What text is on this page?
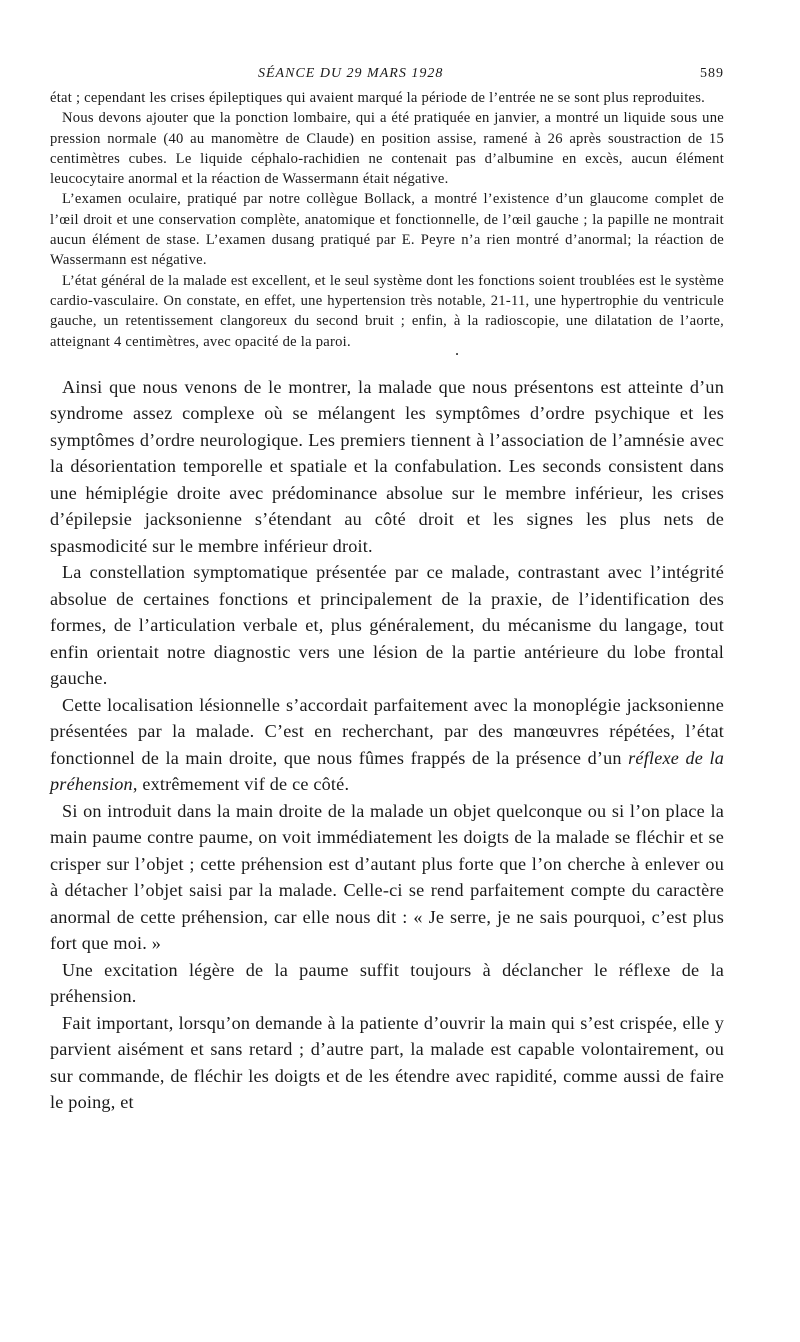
SÉANCE DU 29 MARS 1928	589

état ; cependant les crises épileptiques qui avaient marqué la période de l’entrée ne se sont plus reproduites.

Nous devons ajouter que la ponction lombaire, qui a été pratiquée en janvier, a montré un liquide sous une pression normale (40 au manomètre de Claude) en position assise, ramené à 26 après soustraction de 15 centimètres cubes. Le liquide céphalo-rachidien ne contenait pas d’albumine en excès, aucun élément leucocytaire anormal et la réaction de Wassermann était négative.

L’examen oculaire, pratiqué par notre collègue Bollack, a montré l’existence d’un glaucome complet de l’œil droit et une conservation complète, anatomique et fonctionnelle, de l’œil gauche ; la papille ne montrait aucun élément de stase. L’examen dusang pratiqué par E. Peyre n’a rien montré d’anormal; la réaction de Wassermann est négative.

L’état général de la malade est excellent, et le seul système dont les fonctions soient troublées est le système cardio-vasculaire. On constate, en effet, une hypertension très notable, 21-11, une hypertrophie du ventricule gauche, un retentissement clangoreux du second bruit ; enfin, à la radioscopie, une dilatation de l’aorte, atteignant 4 centimètres, avec opacité de la paroi.

•

Ainsi que nous venons de le montrer, la malade que nous présentons est atteinte d’un syndrome assez complexe où se mélangent les symptômes d’ordre psychique et les symptômes d’ordre neurologique. Les premiers tiennent à l’association de l’amnésie avec la désorientation temporelle et spatiale et la confabulation. Les seconds consistent dans une hémiplégie droite avec prédominance absolue sur le membre inférieur, les crises d’épilepsie jacksonienne s’étendant au côté droit et les signes les plus nets de spasmodicité sur le membre inférieur droit.

La constellation symptomatique présentée par ce malade, contrastant avec l’intégrité absolue de certaines fonctions et principalement de la praxie, de l’identification des formes, de l’articulation verbale et, plus généralement, du mécanisme du langage, tout enfin orientait notre diagnostic vers une lésion de la partie antérieure du lobe frontal gauche.

Cette localisation lésionnelle s’accordait parfaitement avec la monoplégie jacksonienne présentées par la malade. C’est en recherchant, par des manœuvres répétées, l’état fonctionnel de la main droite, que nous fûmes frappés de la présence d’un réflexe de la préhension, extrêmement vif de ce côté.

Si on introduit dans la main droite de la malade un objet quelconque ou si l’on place la main paume contre paume, on voit immédiatement les doigts de la malade se fléchir et se crisper sur l’objet ; cette préhension est d’autant plus forte que l’on cherche à enlever ou à détacher l’objet saisi par la malade. Celle-ci se rend parfaitement compte du caractère anormal de cette préhension, car elle nous dit : « Je serre, je ne sais pourquoi, c’est plus fort que moi. »

Une excitation légère de la paume suffit toujours à déclancher le réflexe de la préhension.

Fait important, lorsqu’on demande à la patiente d’ouvrir la main qui s’est crispée, elle y parvient aisément et sans retard ; d’autre part, la malade est capable volontairement, ou sur commande, de fléchir les doigts et de les étendre avec rapidité, comme aussi de faire le poing, et
